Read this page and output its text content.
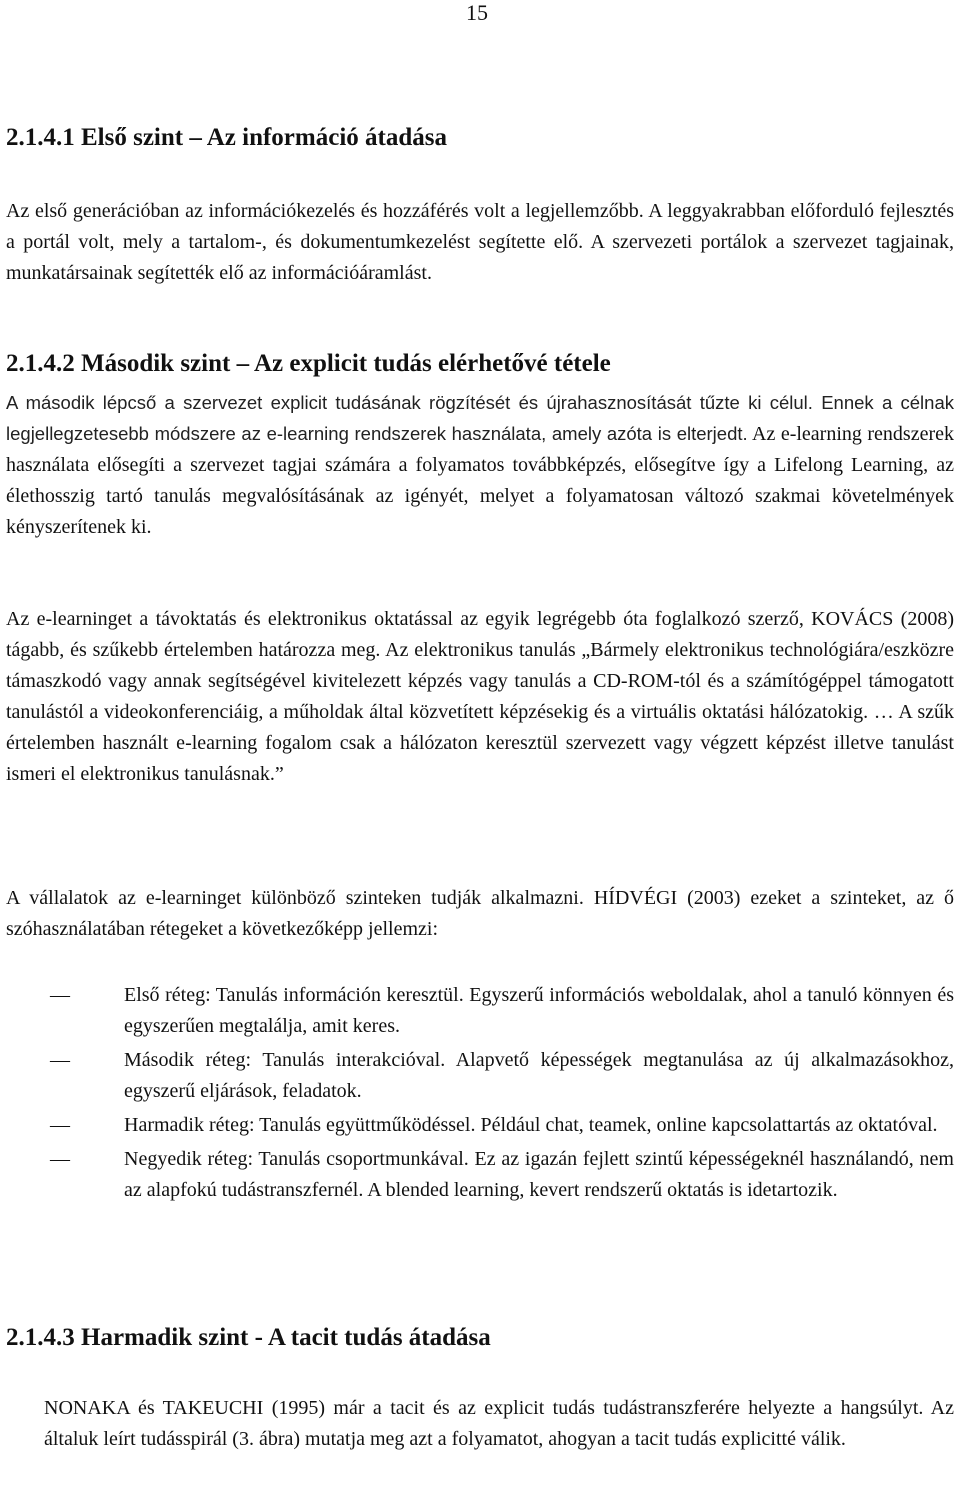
15
2.1.4.1 Első szint – Az információ átadása

Az első generációban az információkezelés és hozzáférés volt a legjellemzőbb. A leggyakrabban előforduló fejlesztés a portál volt, mely a tartalom-, és dokumentumkezelést segítette elő. A szervezeti portálok a szervezet tagjainak, munkatársainak segítették elő az információáramlást.

2.1.4.2 Második szint – Az explicit tudás elérhetővé tétele

A második lépcső a szervezet explicit tudásának rögzítését és újrahasznosítását tűzte ki célul. Ennek a célnak legjellegzetesebb módszere az e-learning rendszerek használata, amely azóta is elterjedt. Az e-learning rendszerek használata elősegíti a szervezet tagjai számára a folyamatos továbbképzés, elősegítve így a Lifelong Learning, az élethosszig tartó tanulás megvalósításának az igényét, melyet a folyamatosan változó szakmai követelmények kényszerítenek ki.

Az e-learninget a távoktatás és elektronikus oktatással az egyik legrégebb óta foglalkozó szerző, KOVÁCS (2008) tágabb, és szűkebb értelemben határozza meg. Az elektronikus tanulás „Bármely elektronikus technológiára/eszközre támaszkodó vagy annak segítségével kivitelezett képzés vagy tanulás a CD-ROM-tól és a számítógéppel támogatott tanulástól a videokonferenciáig, a műholdak által közvetített képzésekig és a virtuális oktatási hálózatokig. … A szűk értelemben használt e-learning fogalom csak a hálózaton keresztül szervezett vagy végzett képzést illetve tanulást ismeri el elektronikus tanulásnak.”

A vállalatok az e-learninget különböző szinteken tudják alkalmazni. HÍDVÉGI (2003) ezeket a szinteket, az ő szóhasználatában rétegeket a következőképp jellemzi:

—	Első réteg: Tanulás információn keresztül. Egyszerű információs weboldalak, ahol a tanuló könnyen és egyszerűen megtalálja, amit keres.
—	Második réteg: Tanulás interakcióval. Alapvető képességek megtanulása az új alkalmazásokhoz, egyszerű eljárások, feladatok.
—	Harmadik réteg: Tanulás együttműködéssel. Például chat, teamek, online kapcsolattartás az oktatóval.
—	Negyedik réteg: Tanulás csoportmunkával. Ez az igazán fejlett szintű képességeknél használandó, nem az alapfokú tudástranszfernél. A blended learning, kevert rendszerű oktatás is idetartozik.
2.1.4.3 Harmadik szint - A tacit tudás átadása

NONAKA és TAKEUCHI (1995) már a tacit és az explicit tudás tudástranszferére helyezte a hangsúlyt. Az általuk leírt tudásspirál (3. ábra) mutatja meg azt a folyamatot, ahogyan a tacit tudás explicitté válik.
